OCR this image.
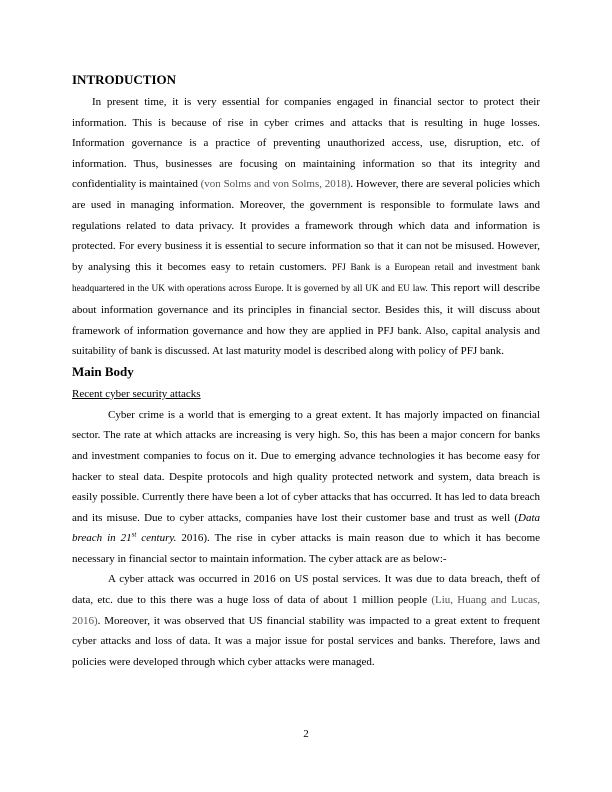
INTRODUCTION

In present time, it is very essential for companies engaged in financial sector to protect their information. This is because of rise in cyber crimes and attacks that is resulting in huge losses. Information governance is a practice of preventing unauthorized access, use, disruption, etc. of information. Thus, businesses are focusing on maintaining information so that its integrity and confidentiality is maintained (von Solms and von Solms, 2018). However, there are several policies which are used in managing information. Moreover, the government is responsible to formulate laws and regulations related to data privacy. It provides a framework through which data and information is protected. For every business it is essential to secure information so that it can not be misused. However, by analysing this it becomes easy to retain customers. PFJ Bank is a European retail and investment bank headquartered in the UK with operations across Europe. It is governed by all UK and EU law. This report will describe about information governance and its principles in financial sector. Besides this, it will discuss about framework of information governance and how they are applied in PFJ bank. Also, capital analysis and suitability of bank is discussed. At last maturity model is described along with policy of PFJ bank.

Main Body
Recent cyber security attacks

Cyber crime is a world that is emerging to a great extent. It has majorly impacted on financial sector. The rate at which attacks are increasing is very high. So, this has been a major concern for banks and investment companies to focus on it. Due to emerging advance technologies it has become easy for hacker to steal data. Despite protocols and high quality protected network and system, data breach is easily possible. Currently there have been a lot of cyber attacks that has occurred. It has led to data breach and its misuse. Due to cyber attacks, companies have lost their customer base and trust as well (Data breach in 21st century. 2016). The rise in cyber attacks is main reason due to which it has become necessary in financial sector to maintain information. The cyber attack are as below:-

A cyber attack was occurred in 2016 on US postal services. It was due to data breach, theft of data, etc. due to this there was a huge loss of data of about 1 million people (Liu, Huang and Lucas, 2016). Moreover, it was observed that US financial stability was impacted to a great extent to frequent cyber attacks and loss of data. It was a major issue for postal services and banks. Therefore, laws and policies were developed through which cyber attacks were managed.

2
